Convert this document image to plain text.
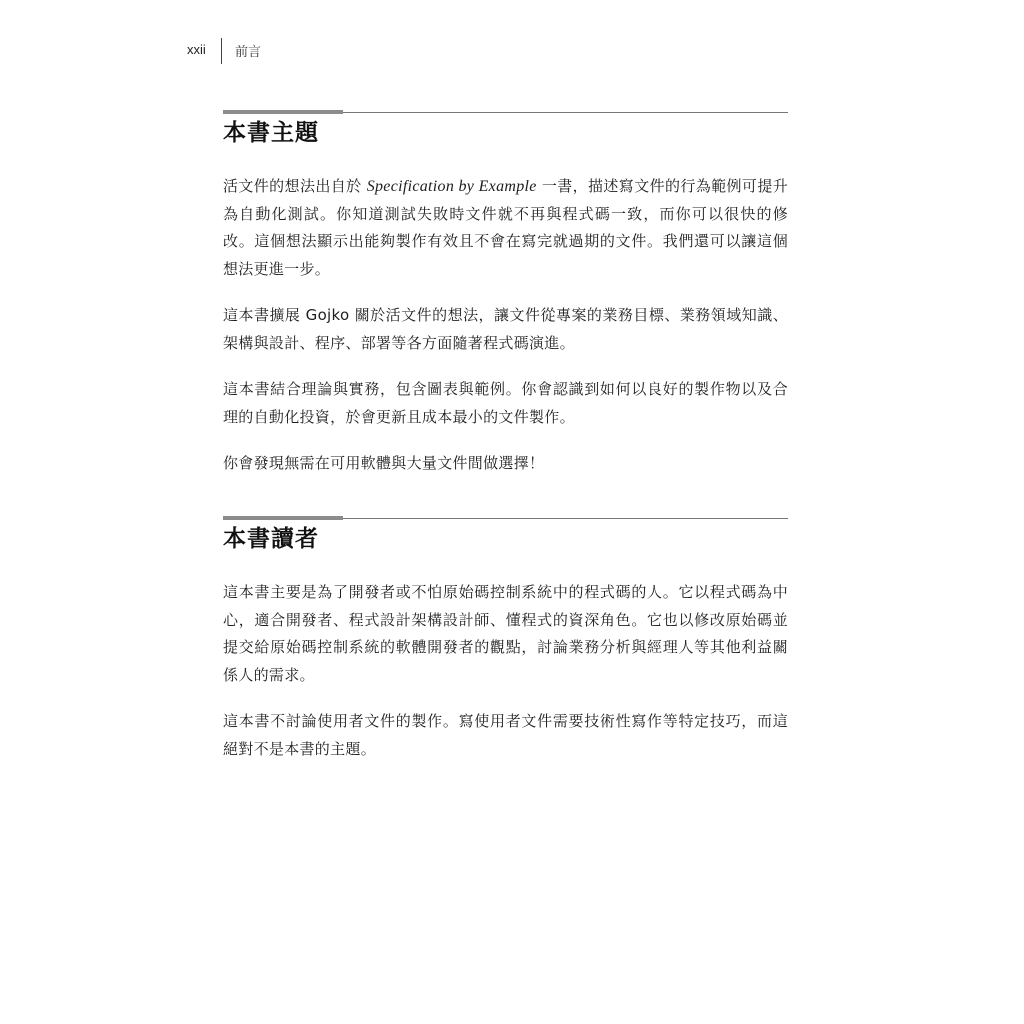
xxii 前言
本書主題

活文件的想法出自於 Specification by Example 一書，描述寫文件的行為範例可提升為自動化測試。你知道測試失敗時文件就不再與程式碼一致，而你可以很快的修改。這個想法顯示出能夠製作有效且不會在寫完就過期的文件。我們還可以讓這個想法更進一步。

這本書擴展 Gojko 關於活文件的想法，讓文件從專案的業務目標、業務領域知識、架構與設計、程序、部署等各方面隨著程式碼演進。

這本書結合理論與實務，包含圖表與範例。你會認識到如何以良好的製作物以及合理的自動化投資，於會更新且成本最小的文件製作。

你會發現無需在可用軟體與大量文件間做選擇！

本書讀者

這本書主要是為了開發者或不怕原始碼控制系統中的程式碼的人。它以程式碼為中心，適合開發者、程式設計架構設計師、懂程式的資深角色。它也以修改原始碼並提交給原始碼控制系統的軟體開發者的觀點，討論業務分析與經理人等其他利益關係人的需求。

這本書不討論使用者文件的製作。寫使用者文件需要技術性寫作等特定技巧，而這絕對不是本書的主題。
